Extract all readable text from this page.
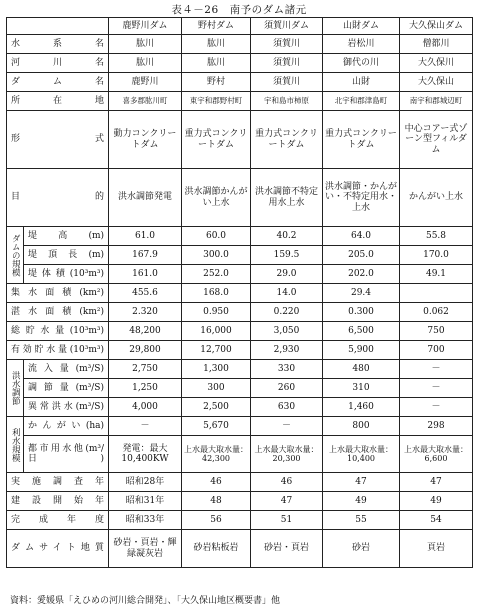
表４－26　南予のダム諸元
		鹿野川ダム	野村ダム	須賀川ダム	山財ダム	大久保山ダム
水系名		肱川	肱川	須賀川	岩松川	僧都川
河川名		肱川	肱川	須賀川	御代の川	大久保川
ダム名		鹿野川	野村	須賀川	山財	大久保山
所在地		喜多郡肱川町	東宇和郡野村町	宇和島市柿原	北宇和郡津島町	南宇和郡城辺町
形式		動力コンクリートダム	重力式コンクリートダム	重力式コンクリートダム	重力式コンクリートダム	中心コアー式ゾーン型フィルダム
目的		洪水調節発電	洪水調節かんがい上水	洪水調節不特定用水上水	洪水調節・かんがい・不特定用水・上水	かんがい上水
ダムの規模	堤高(m)	61.0	60.0	40.2	64.0	55.8
	堤頂長(m)	167.9	300.0	159.5	205.0	170.0
	堤体積(10³m³)	161.0	252.0	29.0	202.0	49.1
集水面積(km²)		455.6	168.0	14.0	29.4	
湛水面積(km²)		2.320	0.950	0.220	0.300	0.062
総貯水量(10³m³)		48,200	16,000	3,050	6,500	750
有効貯水量(10³m³)		29,800	12,700	2,930	5,900	700
洪水調節	流入量(m³/S)	2,750	1,300	330	480	－
	調節量(m³/S)	1,250	300	260	310	－
	異常洪水(m³/S)	4,000	2,500	630	1,460	－
利水規模	かんがい(ha)	－	5,670	－	800	298
	都市用水他(m³/日)	発電：最大10,400KW	上水最大取水量：42,300	上水最大取水量：20,300	上水最大取水量：10,400	上水最大取水量：6,600
実施調査年		昭和28年	46	46	47	47
建設開始年		昭和31年	48	47	49	49
完成年度		昭和33年	56	51	55	54
ダムサイト地質		砂岩・頁岩・輝緑凝灰岩	砂岩粘板岩	砂岩・頁岩	砂岩	頁岩
資料：愛媛県「えひめの河川総合開発」、「大久保山地区概要書」他
